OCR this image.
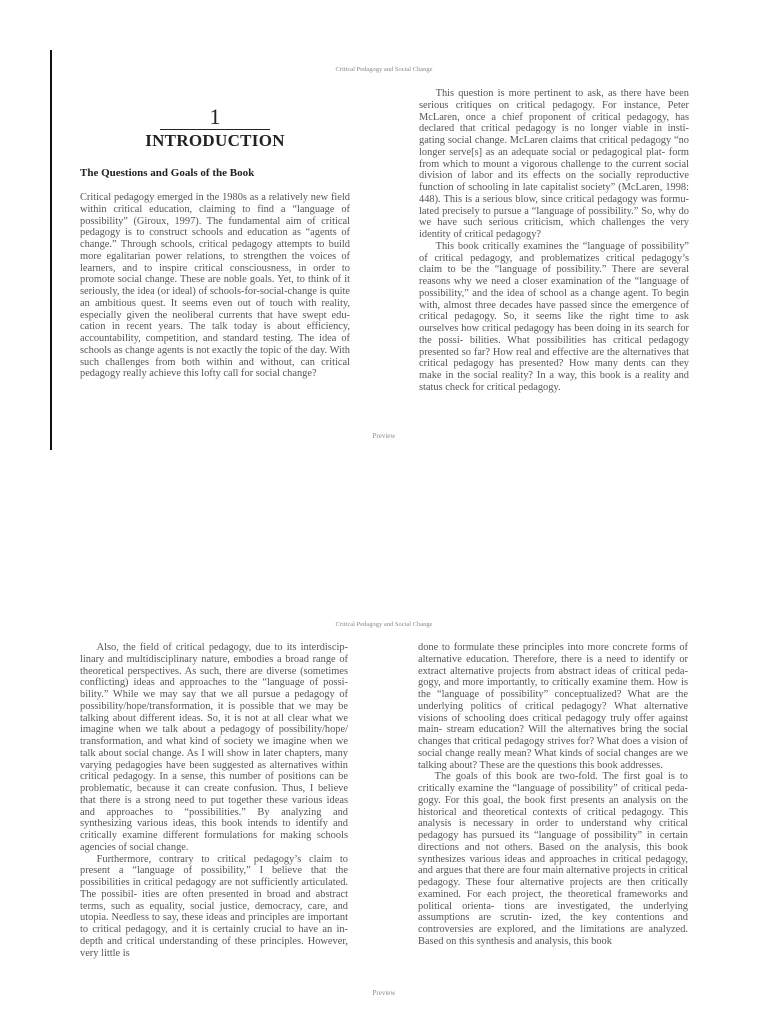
Critical Pedagogy and Social Change
1
INTRODUCTION
The Questions and Goals of the Book

Critical pedagogy emerged in the 1980s as a relatively new field within critical education, claiming to find a “language of possibility” (Giroux, 1997). The fundamental aim of critical pedagogy is to construct schools and education as “agents of change.” Through schools, critical pedagogy attempts to build more egalitarian power relations, to strengthen the voices of learners, and to inspire critical consciousness, in order to promote social change. These are noble goals. Yet, to think of it seriously, the idea (or ideal) of schools-for-social-change is quite an ambitious quest. It seems even out of touch with reality, especially given the neoliberal currents that have swept edu- cation in recent years. The talk today is about efficiency, accountability, competition, and standard testing. The idea of schools as change agents is not exactly the topic of the day. With such challenges from both within and without, can critical pedagogy really achieve this lofty call for social change?

This question is more pertinent to ask, as there have been serious critiques on critical pedagogy. For instance, Peter McLaren, once a chief proponent of critical pedagogy, has declared that critical pedagogy is no longer viable in insti- gating social change. McLaren claims that critical pedagogy “no longer serve[s] as an adequate social or pedagogical plat- form from which to mount a vigorous challenge to the current social division of labor and its effects on the socially reproductive function of schooling in late capitalist society” (McLaren, 1998: 448). This is a serious blow, since critical pedagogy was formu- lated precisely to pursue a “language of possibility.” So, why do we have such serious criticism, which challenges the very identity of critical pedagogy?

This book critically examines the “language of possibility” of critical pedagogy, and problematizes critical pedagogy’s claim to be the “language of possibility.” There are several reasons why we need a closer examination of the “language of possibility,” and the idea of school as a change agent. To begin with, almost three decades have passed since the emergence of critical pedagogy. So, it seems like the right time to ask ourselves how critical pedagogy has been doing in its search for the possi- bilities. What possibilities has critical pedagogy presented so far? How real and effective are the alternatives that critical pedagogy has presented? How many dents can they make in the social reality? In a way, this book is a reality and status check for critical pedagogy.

Preview
Critical Pedagogy and Social Change

Also, the field of critical pedagogy, due to its interdiscip- linary and multidisciplinary nature, embodies a broad range of theoretical perspectives. As such, there are diverse (sometimes conflicting) ideas and approaches to the “language of possi- bility.” While we may say that we all pursue a pedagogy of possibility/hope/transformation, it is possible that we may be talking about different ideas. So, it is not at all clear what we imagine when we talk about a pedagogy of possibility/hope/ transformation, and what kind of society we imagine when we talk about social change. As I will show in later chapters, many varying pedagogies have been suggested as alternatives within critical pedagogy. In a sense, this number of positions can be problematic, because it can create confusion. Thus, I believe that there is a strong need to put together these various ideas and approaches to “possibilities.” By analyzing and synthesizing various ideas, this book intends to identify and critically examine different formulations for making schools agencies of social change.

Furthermore, contrary to critical pedagogy’s claim to present a “language of possibility,” I believe that the possibilities in critical pedagogy are not sufficiently articulated. The possibil- ities are often presented in broad and abstract terms, such as equality, social justice, democracy, care, and utopia. Needless to say, these ideas and principles are important to critical pedagogy, and it is certainly crucial to have an in-depth and critical understanding of these principles. However, very little is

done to formulate these principles into more concrete forms of alternative education. Therefore, there is a need to identify or extract alternative projects from abstract ideas of critical peda- gogy, and more importantly, to critically examine them. How is the “language of possibility” conceptualized? What are the underlying politics of critical pedagogy? What alternative visions of schooling does critical pedagogy truly offer against main- stream education? Will the alternatives bring the social changes that critical pedagogy strives for? What does a vision of social change really mean? What kinds of social changes are we talking about? These are the questions this book addresses.

The goals of this book are two-fold. The first goal is to critically examine the “language of possibility” of critical peda- gogy. For this goal, the book first presents an analysis on the historical and theoretical contexts of critical pedagogy. This analysis is necessary in order to understand why critical pedagogy has pursued its “language of possibility” in certain directions and not others. Based on the analysis, this book synthesizes various ideas and approaches in critical pedagogy, and argues that there are four main alternative projects in critical pedagogy. These four alternative projects are then critically examined. For each project, the theoretical frameworks and political orienta- tions are investigated, the underlying assumptions are scrutin- ized, the key contentions and controversies are explored, and the limitations are analyzed. Based on this synthesis and analysis, this book

Preview
